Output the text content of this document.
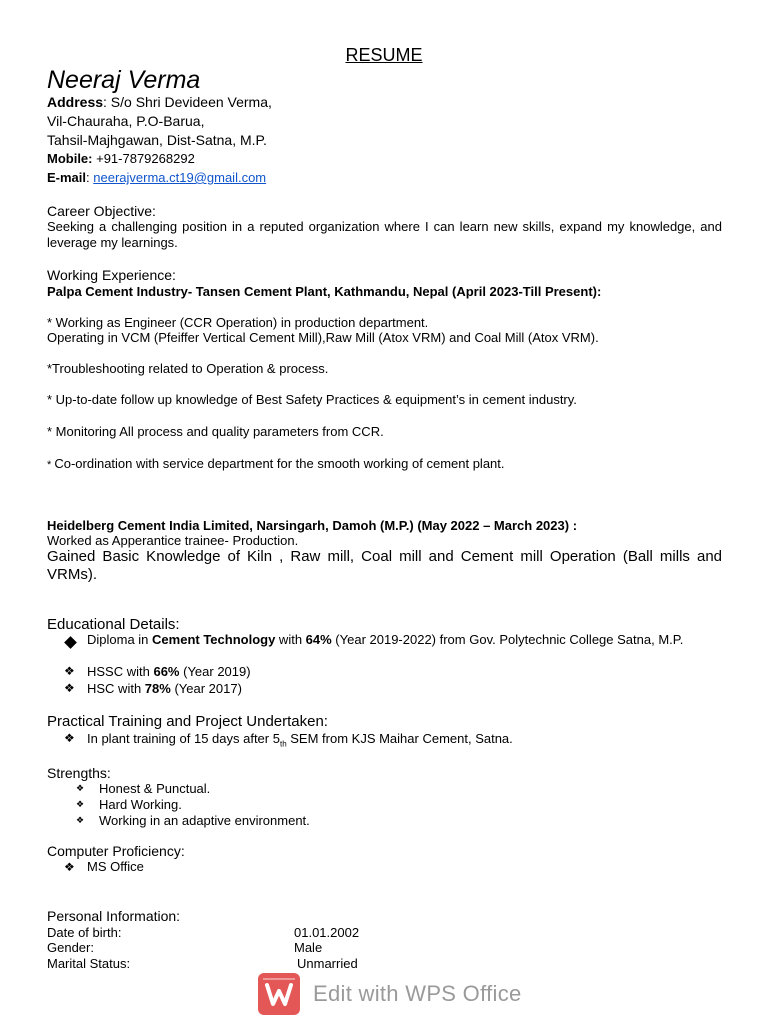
RESUME
Neeraj Verma
Address: S/o Shri Devideen Verma,
Vil-Chauraha, P.O-Barua,
Tahsil-Majhgawan, Dist-Satna, M.P.
Mobile: +91-7879268292
E-mail: neerajverma.ct19@gmail.com
Career Objective:
Seeking a challenging position in a reputed organization where I can learn new skills, expand my knowledge, and leverage my learnings.
Working Experience:
Palpa Cement Industry- Tansen Cement Plant, Kathmandu, Nepal (April 2023-Till Present):
* Working as Engineer (CCR Operation) in production department.
Operating in VCM (Pfeiffer Vertical Cement Mill),Raw Mill (Atox VRM) and Coal Mill (Atox VRM).
*Troubleshooting related to Operation & process.
* Up-to-date follow up knowledge of Best Safety Practices & equipment’s in cement industry.
* Monitoring All process and quality parameters from CCR.
* Co-ordination with service department for the smooth working of cement plant.
Heidelberg Cement India Limited, Narsingarh, Damoh (M.P.) (May 2022 – March 2023) :
Worked as Apperantice trainee- Production.
Gained Basic Knowledge of Kiln , Raw mill, Coal mill and Cement mill Operation (Ball mills and VRMs).
Educational Details:
Diploma in Cement Technology with 64% (Year 2019-2022) from Gov. Polytechnic College Satna, M.P.
❖ HSSC with 66% (Year 2019)
❖ HSC with 78% (Year 2017)
Practical Training and Project Undertaken:
❖ In plant training of 15 days after $5_{th}$ SEM from KJS Maihar Cement, Satna.
Strengths:
❖ Honest & Punctual.
❖ Hard Working.
❖ Working in an adaptive environment.
Computer Proficiency:
❖ MS Office
Personal Information:
Date of birth:	01.01.2002
Gender:	Male
Marital Status:	Unmarried
Edit with WPS Office
